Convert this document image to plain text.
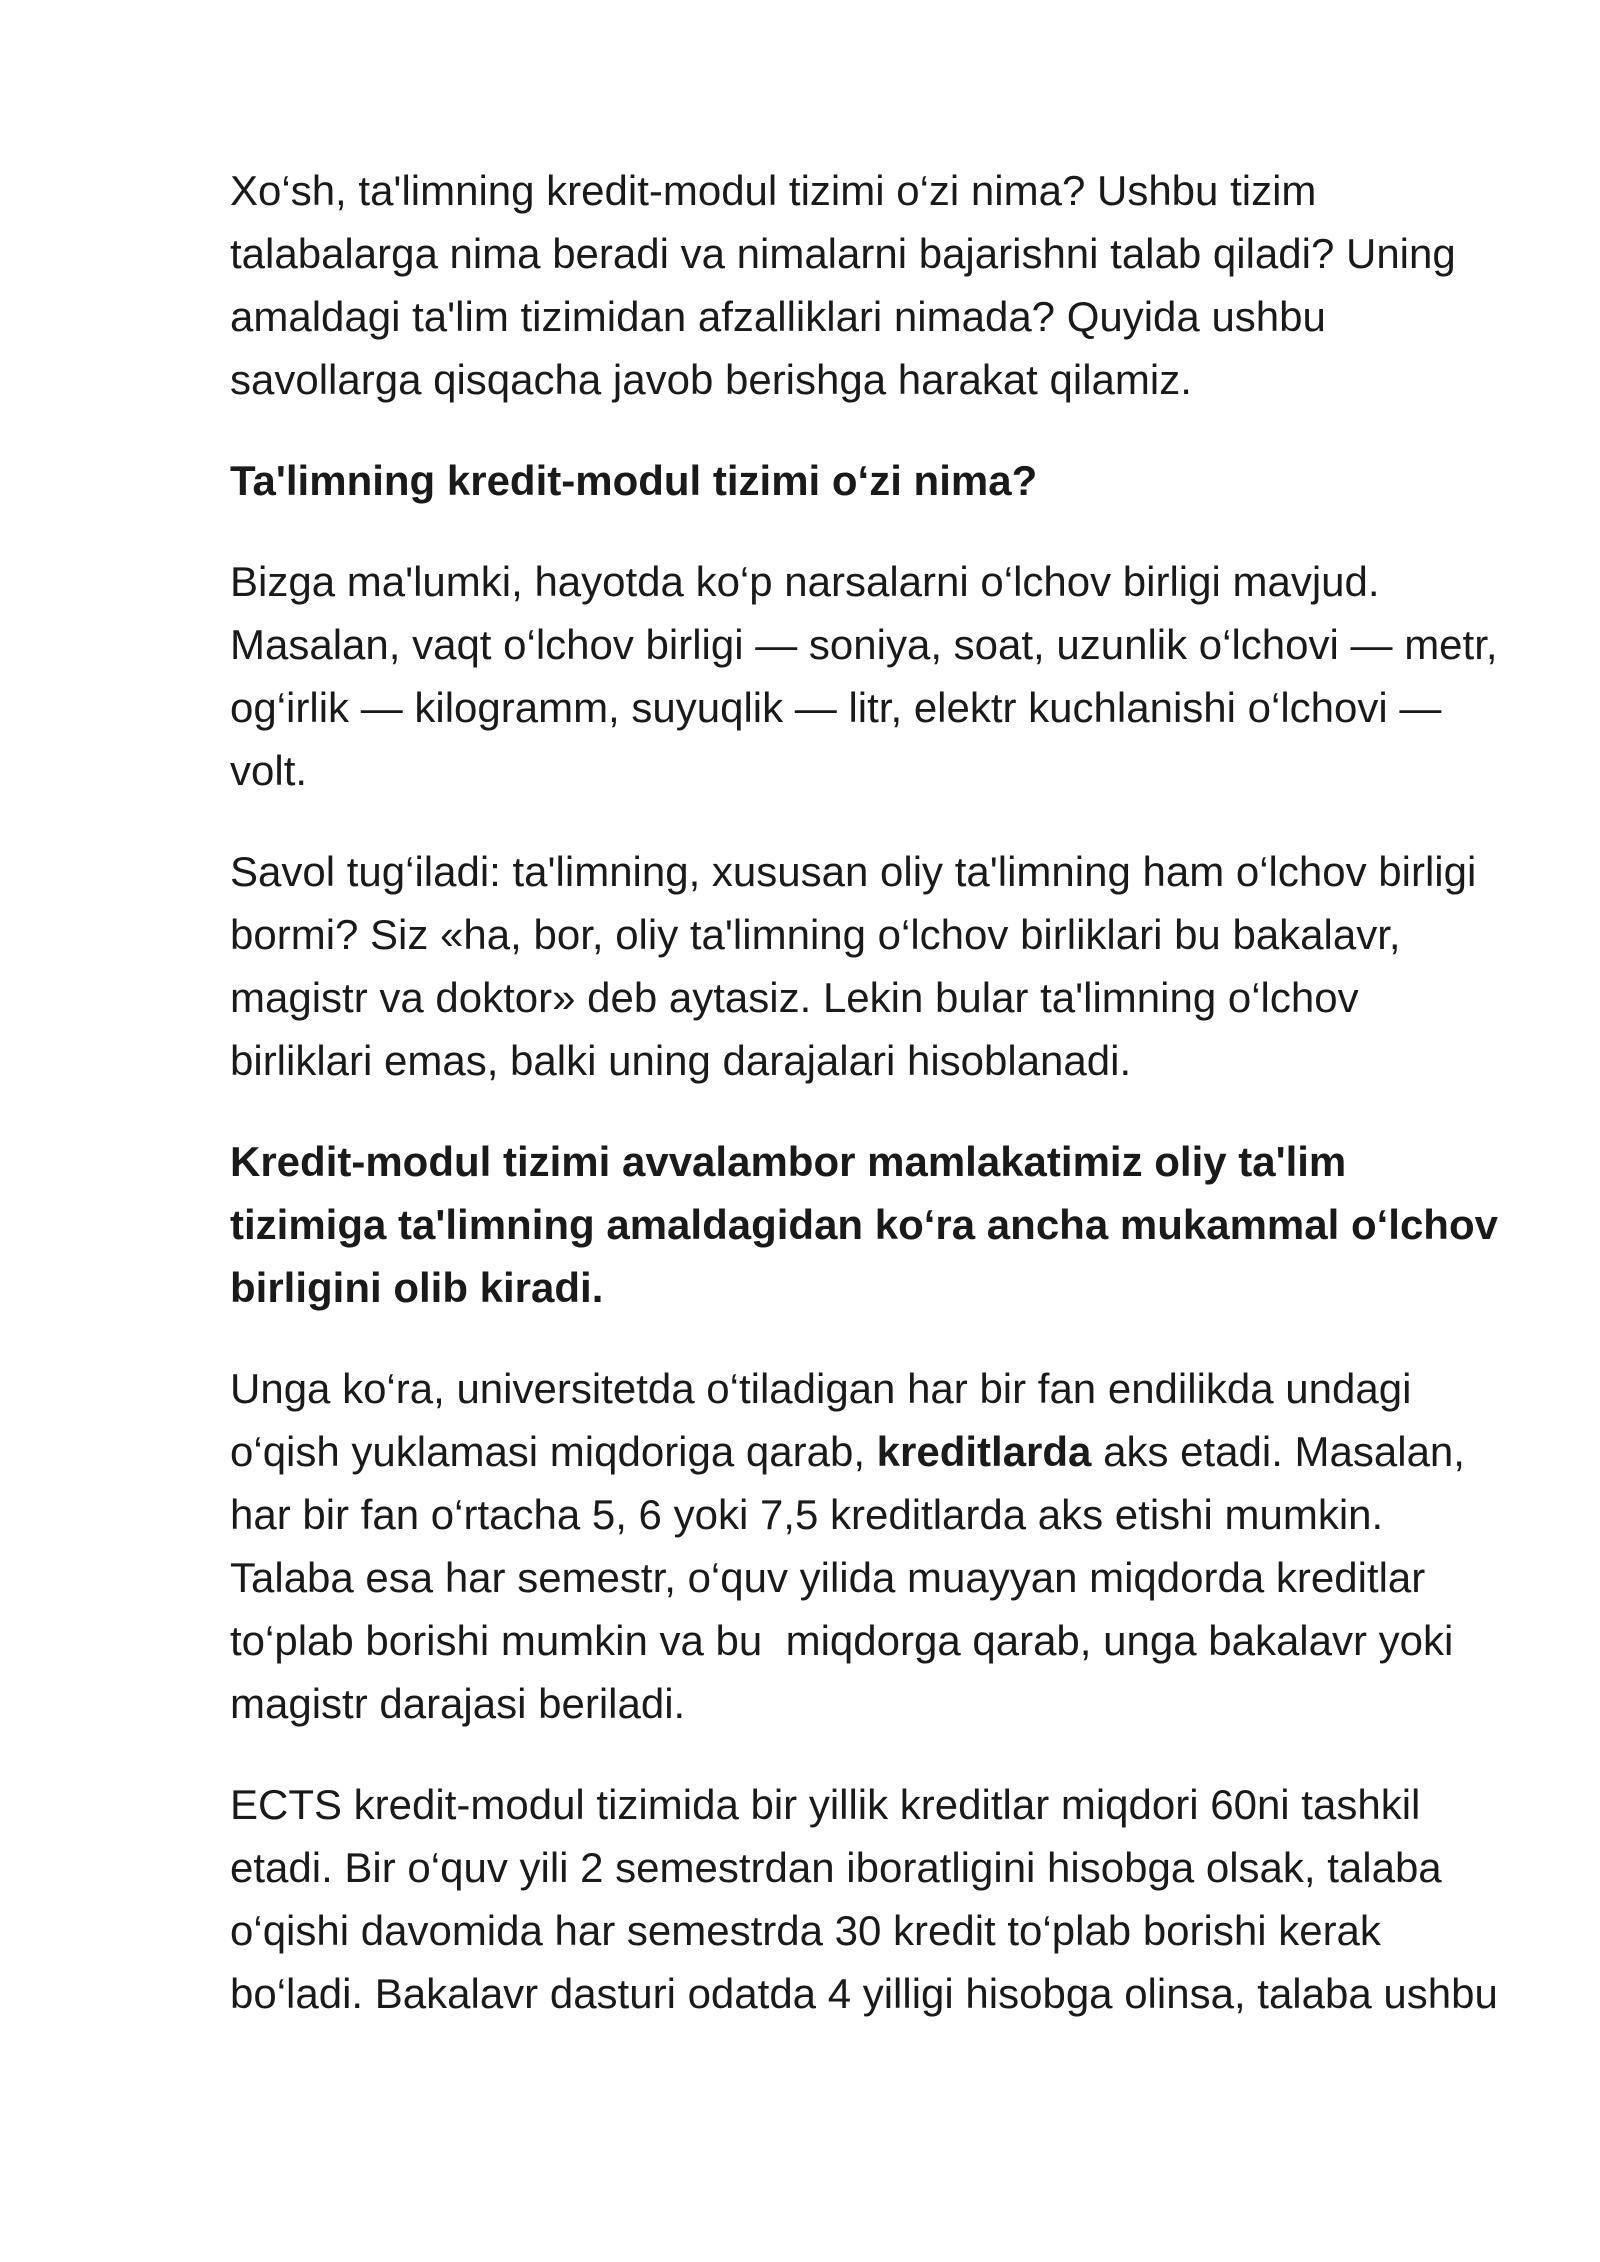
Xo‘sh, ta'limning kredit-modul tizimi o‘zi nima? Ushbu tizim
talabalarga nima beradi va nimalarni bajarishni talab qiladi? Uning
amaldagi ta'lim tizimidan afzalliklari nimada? Quyida ushbu
savollarga qisqacha javob berishga harakat qilamiz.

Ta'limning kredit-modul tizimi o‘zi nima?

Bizga ma'lumki, hayotda ko‘p narsalarni o‘lchov birligi mavjud.
Masalan, vaqt o‘lchov birligi — soniya, soat, uzunlik o‘lchovi — metr,
og‘irlik — kilogramm, suyuqlik — litr, elektr kuchlanishi o‘lchovi —
volt.

Savol tug‘iladi: ta'limning, xususan oliy ta'limning ham o‘lchov birligi
bormi? Siz «ha, bor, oliy ta'limning o‘lchov birliklari bu bakalavr,
magistr va doktor» deb aytasiz. Lekin bular ta'limning o‘lchov
birliklari emas, balki uning darajalari hisoblanadi.

Kredit-modul tizimi avvalambor mamlakatimiz oliy ta'lim
tizimiga ta'limning amaldagidan ko‘ra ancha mukammal o‘lchov
birligini olib kiradi.

Unga ko‘ra, universitetda o‘tiladigan har bir fan endilikda undagi
o‘qish yuklamasi miqdoriga qarab, kreditlarda aks etadi. Masalan,
har bir fan o‘rtacha 5, 6 yoki 7,5 kreditlarda aks etishi mumkin.
Talaba esa har semestr, o‘quv yilida muayyan miqdorda kreditlar
to‘plab borishi mumkin va bu  miqdorga qarab, unga bakalavr yoki
magistr darajasi beriladi.

ECTS kredit-modul tizimida bir yillik kreditlar miqdori 60ni tashkil
etadi. Bir o‘quv yili 2 semestrdan iboratligini hisobga olsak, talaba
o‘qishi davomida har semestrda 30 kredit to‘plab borishi kerak
bo‘ladi. Bakalavr dasturi odatda 4 yilligi hisobga olinsa, talaba ushbu
